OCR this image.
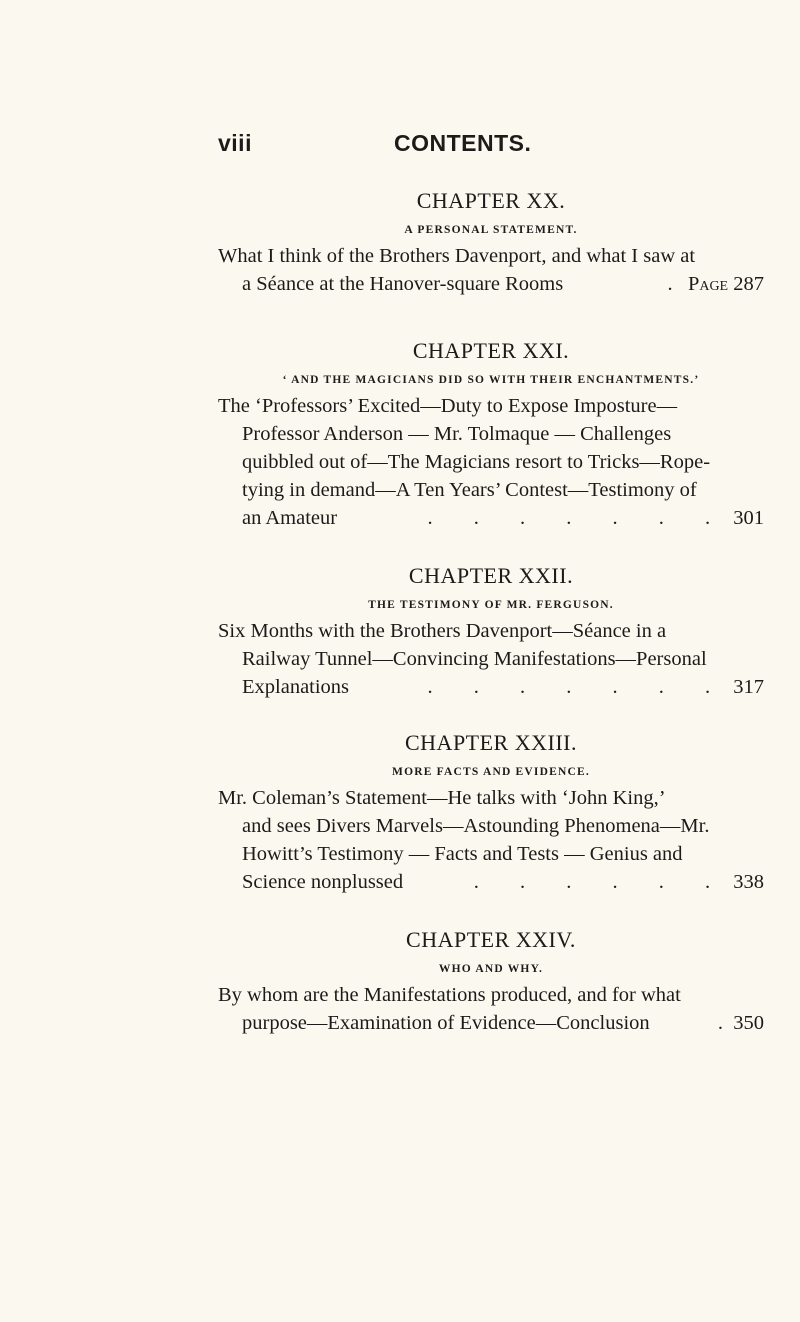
viii	CONTENTS.

CHAPTER XX.

A PERSONAL STATEMENT.

What I think of the Brothers Davenport, and what I saw at
a Séance at the Hanover-square Rooms	. Page 287

CHAPTER XXI.

‘ AND THE MAGICIANS DID SO WITH THEIR ENCHANTMENTS.’

The ‘Professors’ Excited—Duty to Expose Imposture—
Professor Anderson — Mr. Tolmaque — Challenges
quibbled out of—The Magicians resort to Tricks—Rope-
tying in demand—A Ten Years’ Contest—Testimony of
an Amateur	. . . . . . . 301

CHAPTER XXII.

THE TESTIMONY OF MR. FERGUSON.

Six Months with the Brothers Davenport—Séance in a
Railway Tunnel—Convincing Manifestations—Personal
Explanations	. . . . . . . 317

CHAPTER XXIII.

MORE FACTS AND EVIDENCE.

Mr. Coleman’s Statement—He talks with ‘John King,’
and sees Divers Marvels—Astounding Phenomena—Mr.
Howitt’s Testimony — Facts and Tests — Genius and
Science nonplussed	. . . . . . 338

CHAPTER XXIV.

WHO AND WHY.

By whom are the Manifestations produced, and for what
purpose—Examination of Evidence—Conclusion	. 350
